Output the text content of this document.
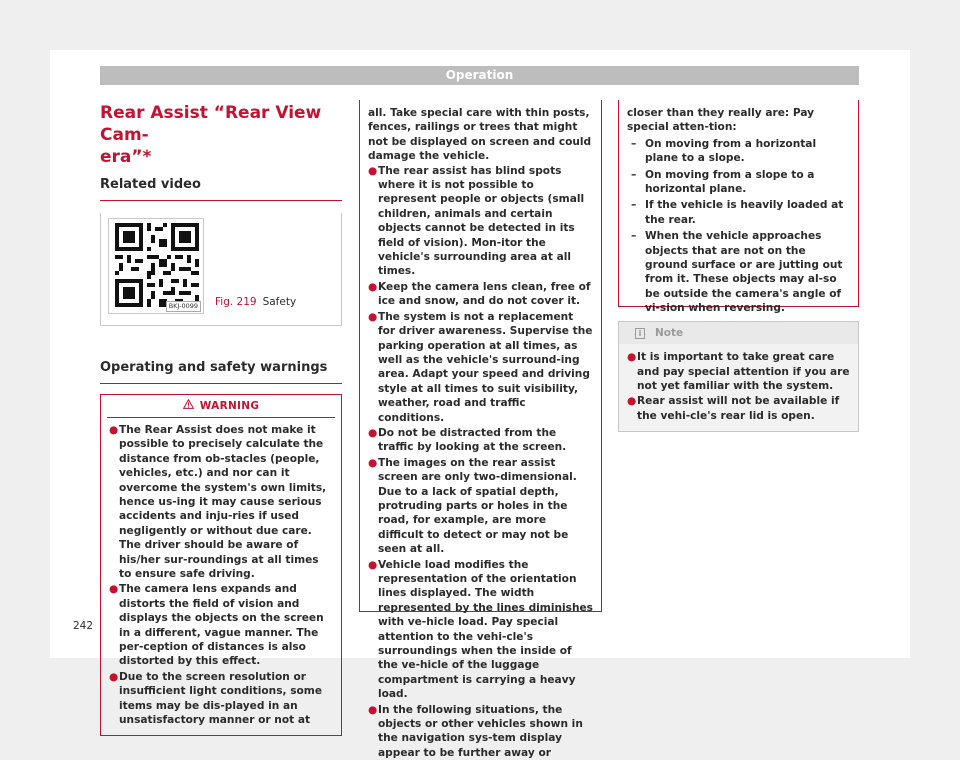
Operation
Rear Assist “Rear View Cam-
era”*
Related video
BKJ-0099 Fig. 219 Safety
Operating and safety warnings
WARNING
● The Rear Assist does not make it possible to precisely calculate the distance from ob-stacles (people, vehicles, etc.) and nor can it overcome the system's own limits, hence us-ing it may cause serious accidents and inju-ries if used negligently or without due care. The driver should be aware of his/her sur-roundings at all times to ensure safe driving.
● The camera lens expands and distorts the field of vision and displays the objects on the screen in a different, vague manner. The per-ception of distances is also distorted by this effect.
● Due to the screen resolution or insufficient light conditions, some items may be dis-played in an unsatisfactory manner or not at
all. Take special care with thin posts, fences, railings or trees that might not be displayed on screen and could damage the vehicle.
● The rear assist has blind spots where it is not possible to represent people or objects (small children, animals and certain objects cannot be detected in its field of vision). Mon-itor the vehicle's surrounding area at all times.
● Keep the camera lens clean, free of ice and snow, and do not cover it.
● The system is not a replacement for driver awareness. Supervise the parking operation at all times, as well as the vehicle's surround-ing area. Adapt your speed and driving style at all times to suit visibility, weather, road and traffic conditions.
● Do not be distracted from the traffic by looking at the screen.
● The images on the rear assist screen are only two-dimensional. Due to a lack of spatial depth, protruding parts or holes in the road, for example, are more difficult to detect or may not be seen at all.
● Vehicle load modifies the representation of the orientation lines displayed. The width represented by the lines diminishes with ve-hicle load. Pay special attention to the vehi-cle's surroundings when the inside of the ve-hicle of the luggage compartment is carrying a heavy load.
● In the following situations, the objects or other vehicles shown in the navigation sys-tem display appear to be further away or
closer than they really are: Pay special atten-tion:
– On moving from a horizontal plane to a slope.
– On moving from a slope to a horizontal plane.
– If the vehicle is heavily loaded at the rear.
– When the vehicle approaches objects that are not on the ground surface or are jutting out from it. These objects may al-so be outside the camera's angle of vi-sion when reversing.
i	Note
● It is important to take great care and pay special attention if you are not yet familiar with the system.
● Rear assist will not be available if the vehi-cle's rear lid is open.
242
